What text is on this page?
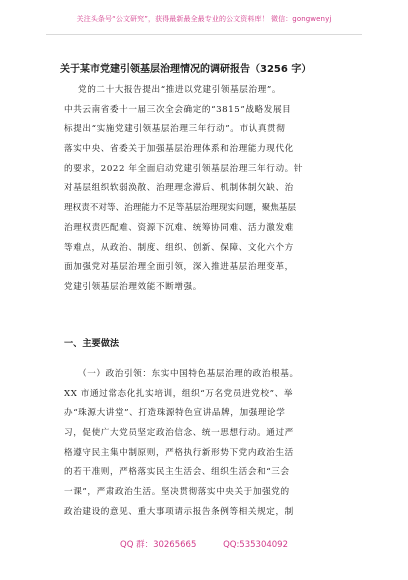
关注头条号“公文研究”，获得最新最全最专业的公文资料库！ 微信：gongwenyj
关于某市党建引领基层治理情况的调研报告（3256 字）
党的二十大报告提出“推进以党建引领基层治理”。
中共云南省委十一届三次全会确定的“3815”战略发展目
标提出“实施党建引领基层治理三年行动”。市认真贯彻
落实中央、省委关于加强基层治理体系和治理能力现代化
的要求，2022 年全面启动党建引领基层治理三年行动。针
对基层组织软弱涣散、治理理念滞后、机制体制欠缺、治
理权责不对等、治理能力不足等基层治理现实问题，聚焦基层
治理权责匹配难、资源下沉难、统筹协同难、活力激发难
等难点，从政治、制度、组织、创新、保障、文化六个方
面加强党对基层治理全面引领，深入推进基层治理变革，
党建引领基层治理效能不断增强。
一、主要做法
（一）政治引领：东实中国特色基层治理的政治根基。
XX 市通过常态化扎实培训，组织“万名党员进党校”、举
办“珠源大讲堂”、打造珠源特色宣讲品牌，加强理论学
习，促使广大党员坚定政治信念、统一思想行动。通过严
格遵守民主集中制原则，严格执行新形势下党内政治生活
的若干准则，严格落实民主生活会、组织生活会和“三会
一课”，严肃政治生活。坚决贯彻落实中央关于加强党的
政治建设的意见、重大事项请示报告条例等相关规定，制
QQ 群：30265665	QQ:535304092
